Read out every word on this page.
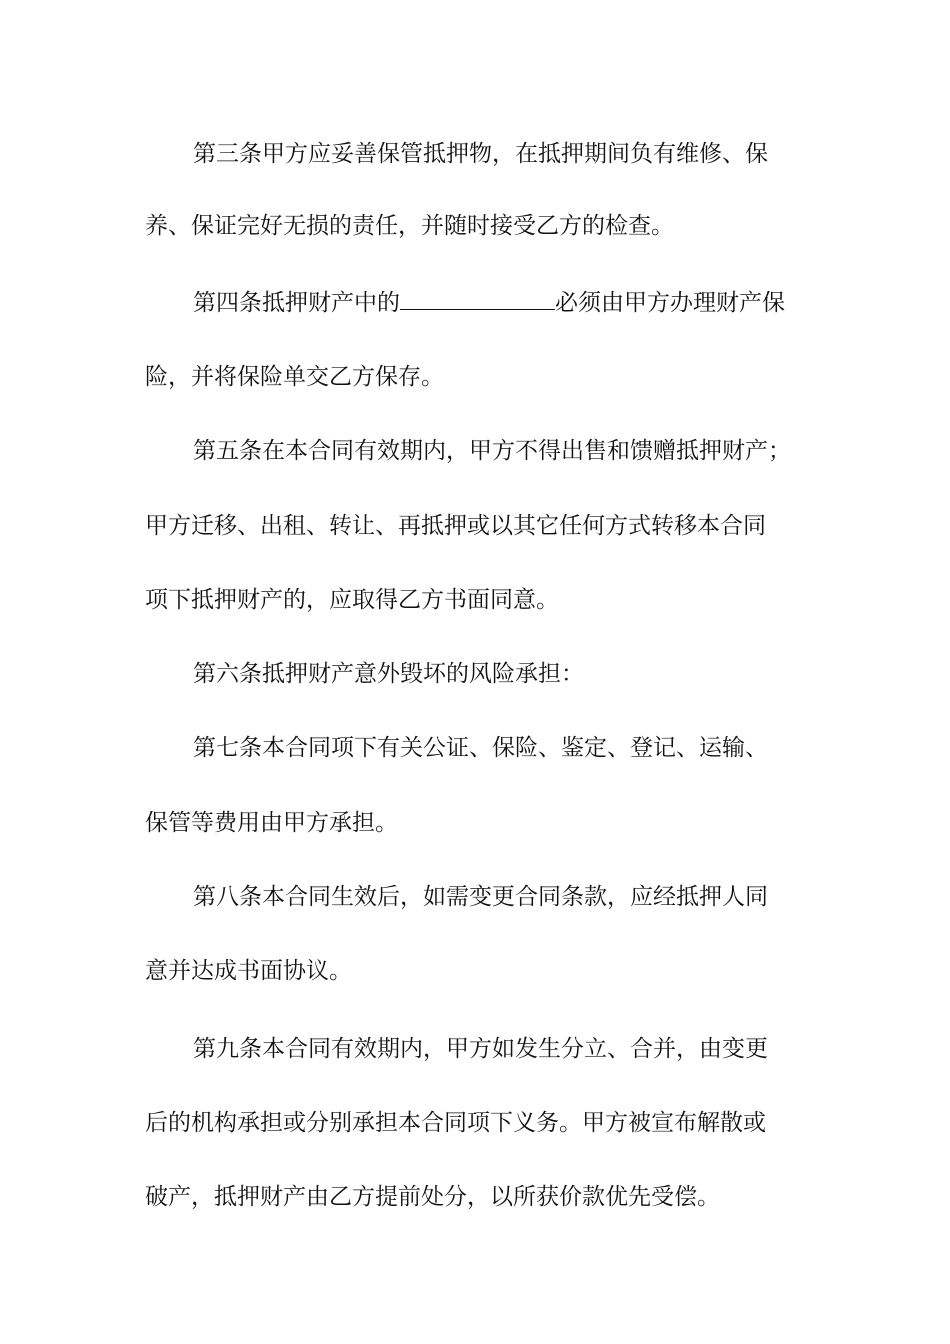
第三条甲方应妥善保管抵押物，在抵押期间负有维修、保
养、保证完好无损的责任，并随时接受乙方的检查。
第四条抵押财产中的	必须由甲方办理财产保
险，并将保险单交乙方保存。
第五条在本合同有效期内，甲方不得出售和馈赠抵押财产；
甲方迁移、出租、转让、再抵押或以其它任何方式转移本合同
项下抵押财产的，应取得乙方书面同意。
第六条抵押财产意外毁坏的风险承担：
第七条本合同项下有关公证、保险、鉴定、登记、运输、
保管等费用由甲方承担。
第八条本合同生效后，如需变更合同条款，应经抵押人同
意并达成书面协议。
第九条本合同有效期内，甲方如发生分立、合并，由变更
后的机构承担或分别承担本合同项下义务。甲方被宣布解散或
破产，抵押财产由乙方提前处分，以所获价款优先受偿。
